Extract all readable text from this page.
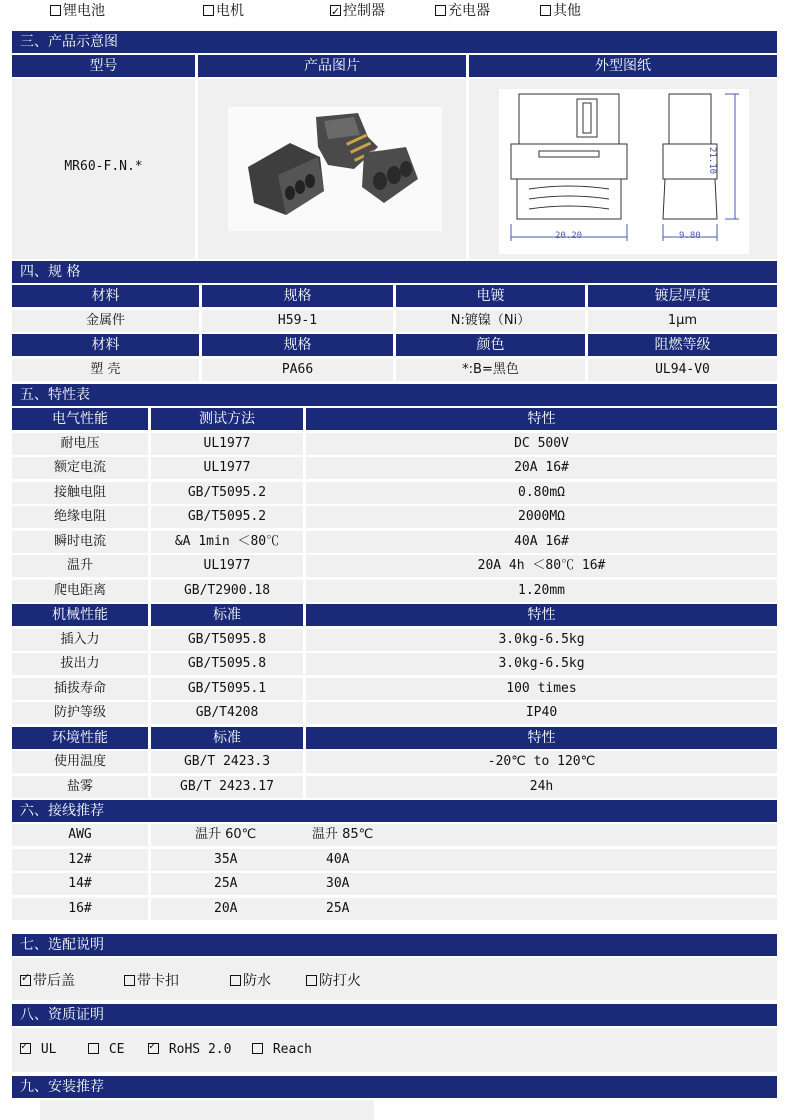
锂电池	电机 ✓	控制器	充电器	其他
三、产品示意图
型号	产品图片	外型图纸
MR60-F.N.*
20.20	9.80
21.10
四、规 格
材料	规格	电镀	镀层厚度
金属件	H59-1	N:镀镍（Ni）	1μm
材料	规格	颜色	阻燃等级
塑 壳	PA66	*:B=黑色	UL94-V0
五、特性表
电气性能	测试方法	特性
耐电压	UL1977	DC 500V
额定电流	UL1977	20A 16#
接触电阻	GB/T5095.2	0.80mΩ
绝缘电阻	GB/T5095.2	2000MΩ
瞬时电流	&A 1min ＜80℃	40A 16#
温升	UL1977	20A 4h ＜80℃ 16#
爬电距离	GB/T2900.18	1.20mm
机械性能	标准	特性
插入力	GB/T5095.8	3.0kg-6.5kg
拔出力	GB/T5095.8	3.0kg-6.5kg
插拔寿命	GB/T5095.1	100 times
防护等级	GB/T4208	IP40
环境性能	标准	特性
使用温度	GB/T 2423.3	-20℃ to 120℃
盐雾	GB/T 2423.17	24h
六、接线推荐
AWG	温升 60℃	温升 85℃
12#	35A	40A
14#	25A	30A
16#	20A	25A
七、选配说明
✓带后盖	带卡扣	防水	防打火
八、资质证明
✓ UL	CE ✓	RoHS 2.0	Reach
九、安装推荐
